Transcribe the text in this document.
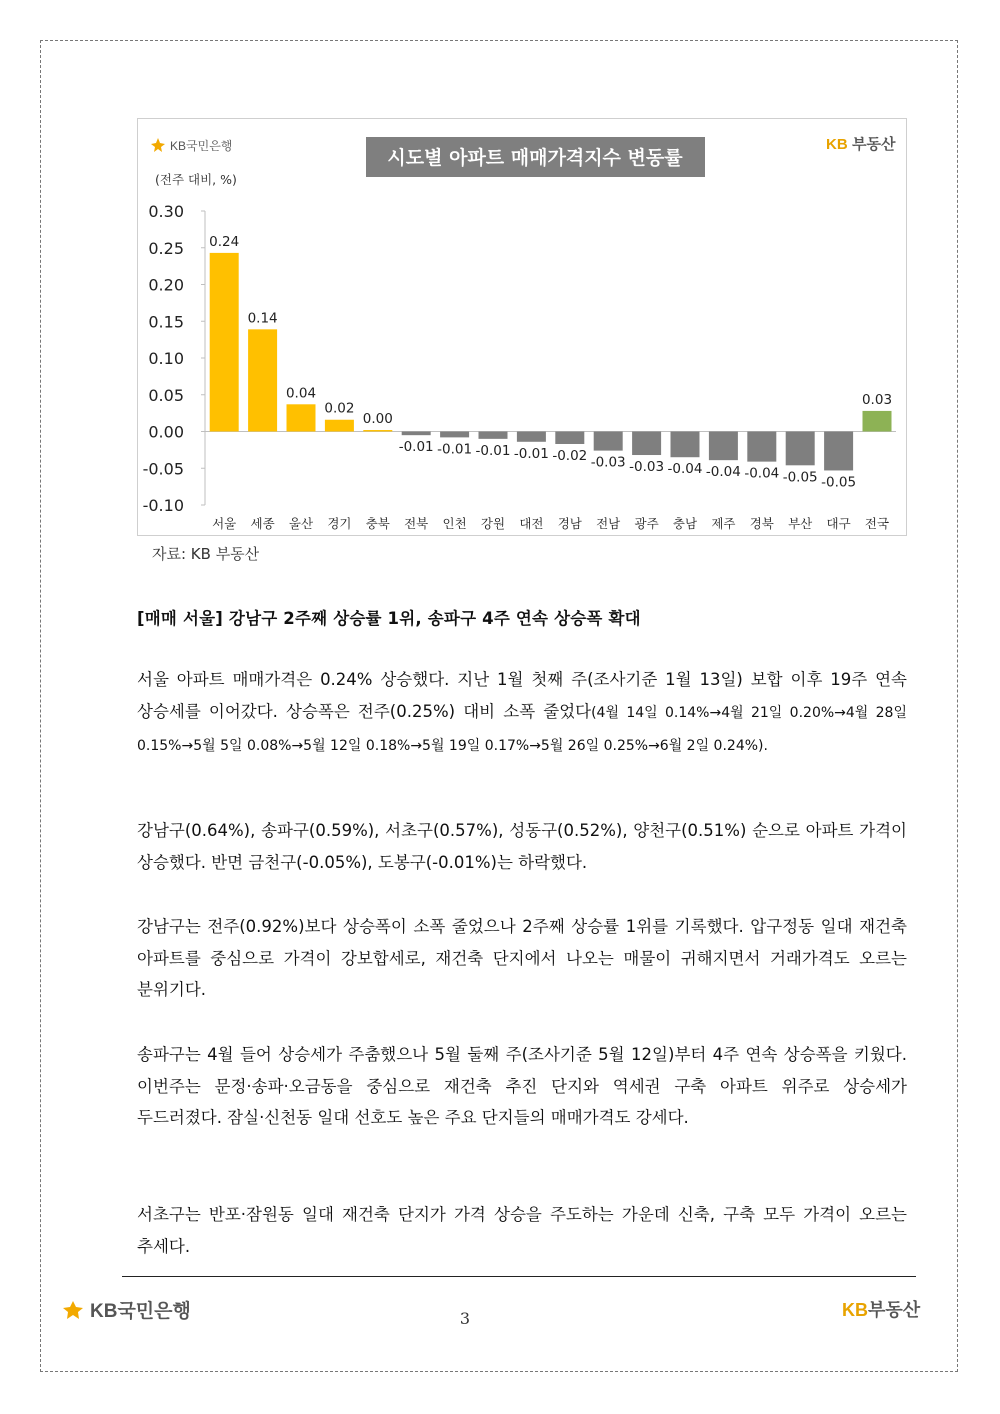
KB국민은행
시도별 아파트 매매가격지수 변동률
KB 부동산
(전주 대비, %)
0.30
0.25
0.20
0.15
0.10
0.05
0.00
-0.05
-0.10
0.24
0.14
0.04
0.02
0.00
-0.01 -0.01 -0.01 -0.01 -0.02 -0.03 -0.03 -0.04 -0.04 -0.04 -0.05 -0.05
0.03
서울 세종 울산 경기 충북 전북 인천 강원 대전 경남 전남 광주 충남 제주 경북 부산 대구 전국
자료: KB 부동산
[매매 서울] 강남구 2주째 상승률 1위, 송파구 4주 연속 상승폭 확대
서울 아파트 매매가격은 0.24% 상승했다. 지난 1월 첫째 주(조사기준 1월 13일) 보합 이후 19주 연속 상승세를 이어갔다. 상승폭은 전주(0.25%) 대비 소폭 줄었다(4월 14일 0.14%→4월 21일 0.20%→4월 28일 0.15%→5월 5일 0.08%→5월 12일 0.18%→5월 19일 0.17%→5월 26일 0.25%→6월 2일 0.24%).
강남구(0.64%), 송파구(0.59%), 서초구(0.57%), 성동구(0.52%), 양천구(0.51%) 순으로 아파트 가격이 상승했다. 반면 금천구(-0.05%), 도봉구(-0.01%)는 하락했다.
강남구는 전주(0.92%)보다 상승폭이 소폭 줄었으나 2주째 상승률 1위를 기록했다. 압구정동 일대 재건축 아파트를 중심으로 가격이 강보합세로, 재건축 단지에서 나오는 매물이 귀해지면서 거래가격도 오르는 분위기다.
송파구는 4월 들어 상승세가 주춤했으나 5월 둘째 주(조사기준 5월 12일)부터 4주 연속 상승폭을 키웠다. 이번주는 문정·송파·오금동을 중심으로 재건축 추진 단지와 역세권 구축 아파트 위주로 상승세가 두드러졌다. 잠실·신천동 일대 선호도 높은 주요 단지들의 매매가격도 강세다.
서초구는 반포·잠원동 일대 재건축 단지가 가격 상승을 주도하는 가운데 신축, 구축 모두 가격이 오르는 추세다.
KB국민은행	KB부동산
3
